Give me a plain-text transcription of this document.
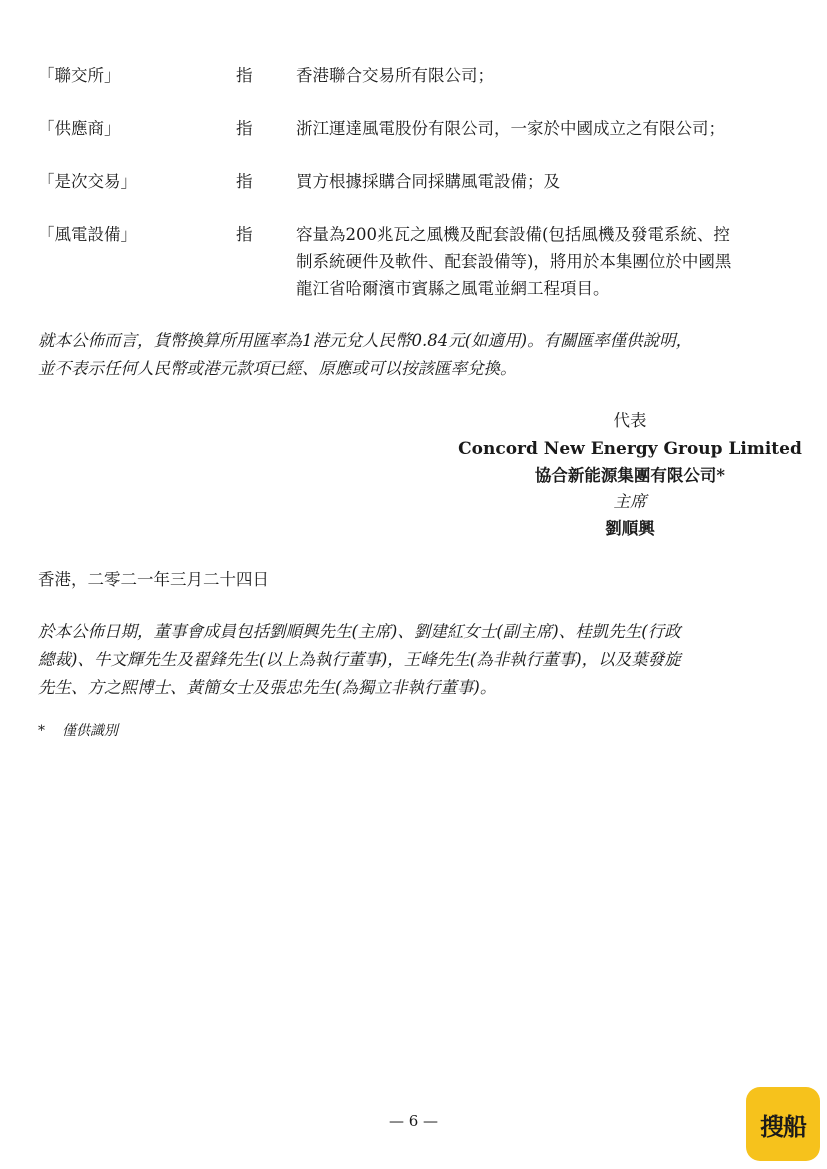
「聯交所」	指	香港聯合交易所有限公司；
「供應商」	指	浙江運達風電股份有限公司，一家於中國成立之有限公司；
「是次交易」	指	買方根據採購合同採購風電設備；及
「風電設備」	指	容量為200兆瓦之風機及配套設備(包括風機及發電系統、控
制系統硬件及軟件、配套設備等)，將用於本集團位於中國黑
龍江省哈爾濱市賓縣之風電並網工程項目。
就本公佈而言，貨幣換算所用匯率為1港元兌人民幣0.84元(如適用)。有關匯率僅供說明，
並不表示任何人民幣或港元款項已經、原應或可以按該匯率兌換。
代表
Concord New Energy Group Limited
協合新能源集團有限公司*
主席
劉順興
香港，二零二一年三月二十四日
於本公佈日期，董事會成員包括劉順興先生(主席)、劉建紅女士(副主席)、桂凱先生(行政
總裁)、牛文輝先生及翟鋒先生(以上為執行董事)，王峰先生(為非執行董事)，以及葉發旋
先生、方之熙博士、黃簡女士及張忠先生(為獨立非執行董事)。
* 僅供識別
— 6 —	搜船
